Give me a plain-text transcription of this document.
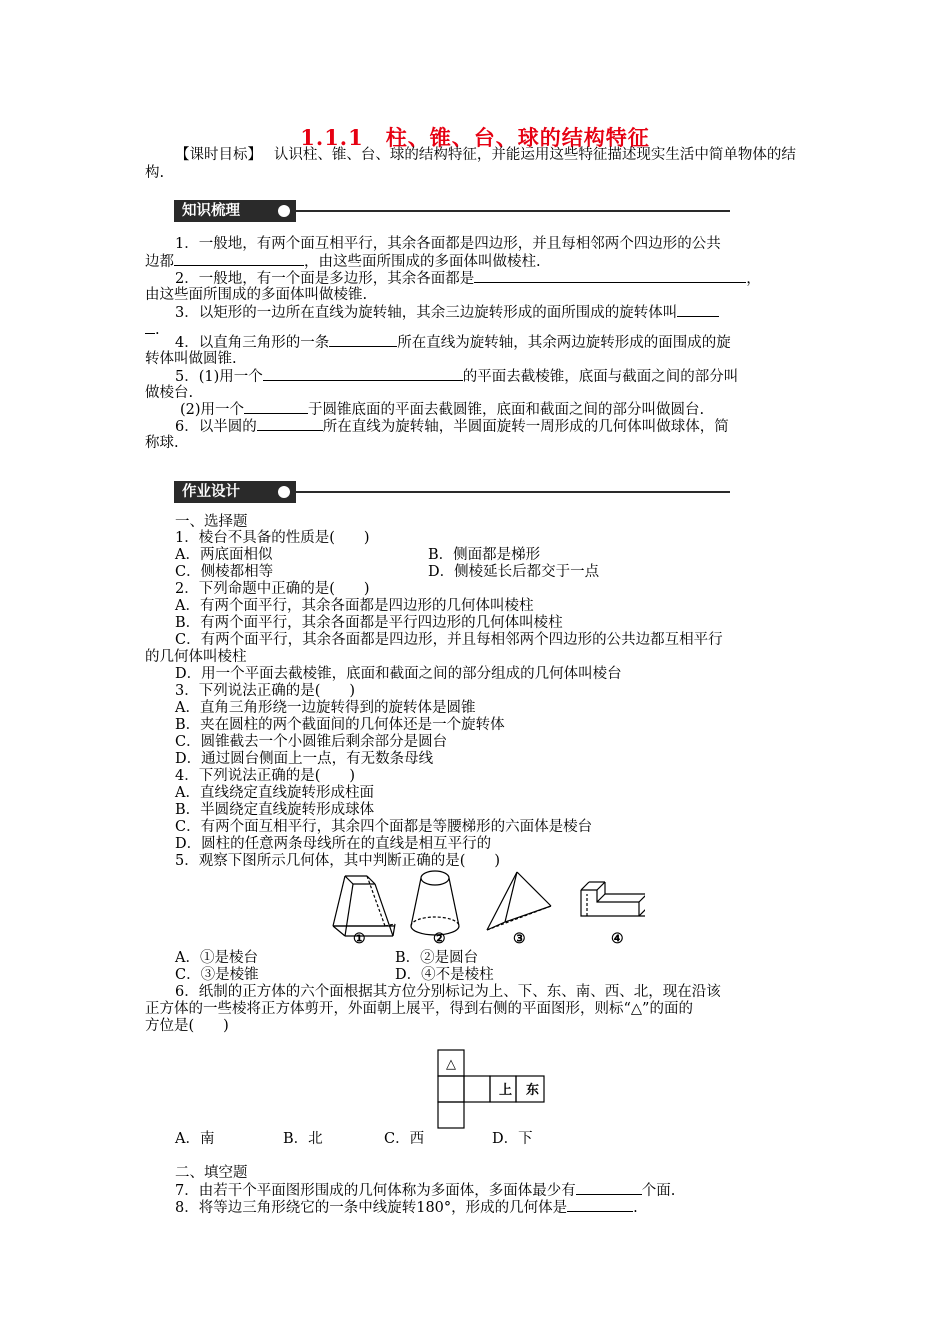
1.1.1　柱、锥、台、球的结构特征
【课时目标】　 认识柱、锥、台、球的结构特征，并能运用这些特征描述现实生活中简单物体的结构.
知识梳理
1．一般地，有两个面互相平行，其余各面都是四边形，并且每相邻两个四边形的公共
边都	，由这些面所围成的多面体叫做棱柱.
2．一般地，有一个面是多边形，其余各面都是	，
由这些面所围成的多面体叫做棱锥.
3．以矩形的一边所在直线为旋转轴，其余三边旋转形成的面所围成的旋转体叫
.
4．以直角三角形的一条	所在直线为旋转轴，其余两边旋转形成的面围成的旋
转体叫做圆锥.
5．(1)用一个	的平面去截棱锥，底面与截面之间的部分叫
做棱台.
(2)用一个	于圆锥底面的平面去截圆锥，底面和截面之间的部分叫做圆台.
6．以半圆的	所在直线为旋转轴，半圆面旋转一周形成的几何体叫做球体，简
称球.
作业设计
一、选择题
1．棱台不具备的性质是(　　)
A．两底面相似	B．侧面都是梯形
C．侧棱都相等	D．侧棱延长后都交于一点
2．下列命题中正确的是(　　)
A．有两个面平行，其余各面都是四边形的几何体叫棱柱
B．有两个面平行，其余各面都是平行四边形的几何体叫棱柱
C．有两个面平行，其余各面都是四边形，并且每相邻两个四边形的公共边都互相平行
的几何体叫棱柱
D．用一个平面去截棱锥，底面和截面之间的部分组成的几何体叫棱台
3．下列说法正确的是(　　)
A．直角三角形绕一边旋转得到的旋转体是圆锥
B．夹在圆柱的两个截面间的几何体还是一个旋转体
C．圆锥截去一个小圆锥后剩余部分是圆台
D．通过圆台侧面上一点，有无数条母线
4．下列说法正确的是(　　)
A．直线绕定直线旋转形成柱面
B．半圆绕定直线旋转形成球体
C．有两个面互相平行，其余四个面都是等腰梯形的六面体是棱台
D．圆柱的任意两条母线所在的直线是相互平行的
5．观察下图所示几何体，其中判断正确的是(　　)
①	②	③	④
A．①是棱台	B．②是圆台
C．③是棱锥	D．④不是棱柱
6．纸制的正方体的六个面根据其方位分别标记为上、下、东、南、西、北，现在沿该
正方体的一些棱将正方体剪开，外面朝上展平，得到右侧的平面图形，则标“△”的面的
方位是(　　)
△
上 东
A．南	B．北	C．西	D．下
二、填空题
7．由若干个平面图形围成的几何体称为多面体，多面体最少有	个面.
8．将等边三角形绕它的一条中线旋转180°，形成的几何体是	.
